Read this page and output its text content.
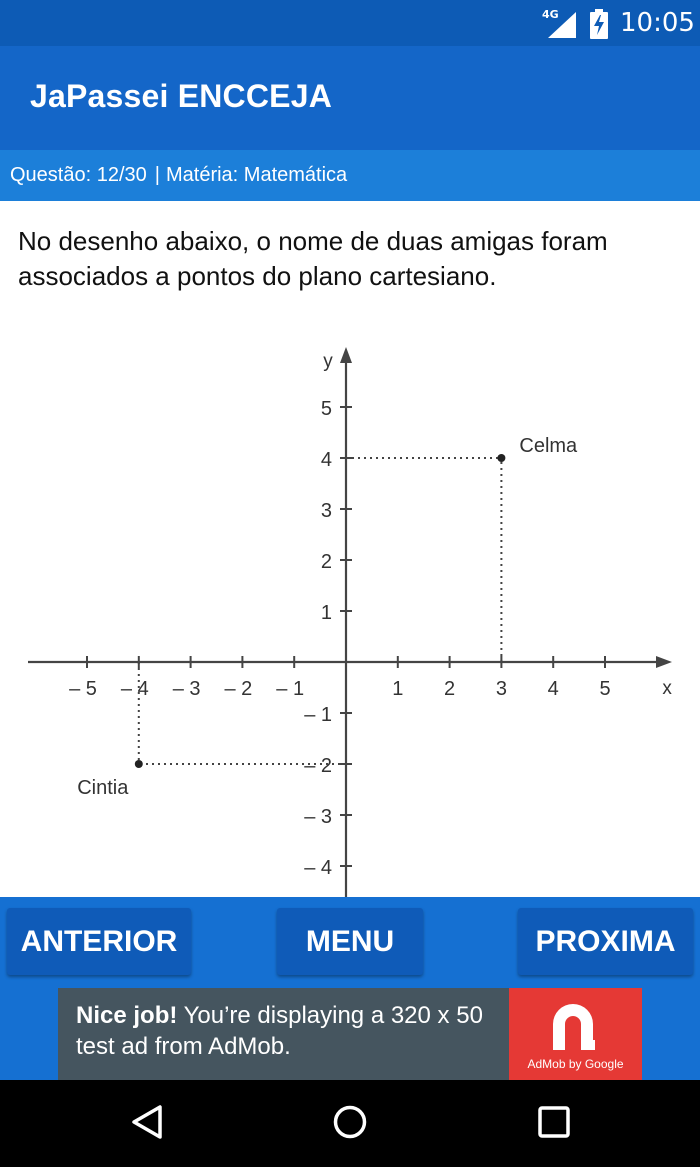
4G 10:05
JaPassei ENCCEJA
Questão: 12/30 | Matéria: Matemática
No desenho abaixo, o nome de duas amigas foram associados a pontos do plano cartesiano.
x
y
– 5 – 4 – 3 – 2 – 1	1 2 3 4 5
5
4
3
2
1
– 1
– 2
– 3
– 4
Celma
Cintia
ANTERIOR	MENU	PROXIMA
Nice job! You’re displaying a 320 x 50 test ad from AdMob.
AdMob by Google
